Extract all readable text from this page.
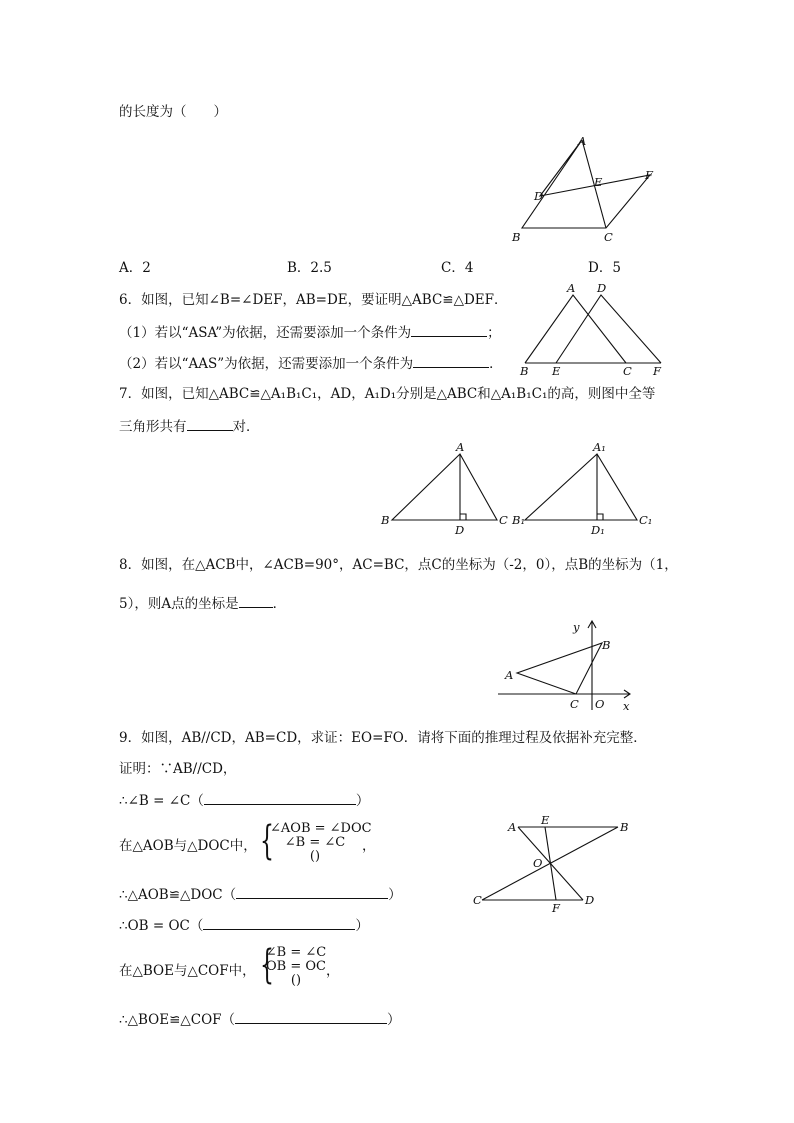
的长度为（　　）
A
D
E	F
B	C
A．2	B．2.5	C．4	D．5
6．如图，已知∠B=∠DEF，AB=DE，要证明△ABC≌△DEF．
（1）若以“ASA”为依据，还需要添加一个条件为	；
（2）若以“AAS”为依据，还需要添加一个条件为	．
A D
B E	C F
7．如图，已知△ABC≌△A₁B₁C₁，AD，A₁D₁分别是△ABC和△A₁B₁C₁的高，则图中全等
三角形共有	对．
A
B	C
D
A₁
B₁	C₁
D₁
8．如图，在△ACB中，∠ACB=90°，AC=BC，点C的坐标为（-2，0），点B的坐标为（1，
5），则A点的坐标是	．
y
x
B
A
C O
9．如图，AB//CD，AB=CD，求证：EO=FO．请将下面的推理过程及依据补充完整．
证明：∵AB//CD，
∴∠B = ∠C（	）
在△AOB与△DOC中， {
∠AOB = ∠DOC
∠B = ∠C
()
，
∴△AOB≌△DOC（	）
∴OB = OC（	）
在△BOE与△COF中， {
∠B = ∠C
OB = OC
()
，
∴△BOE≌△COF（	）
A E	B
O
C
F
D
